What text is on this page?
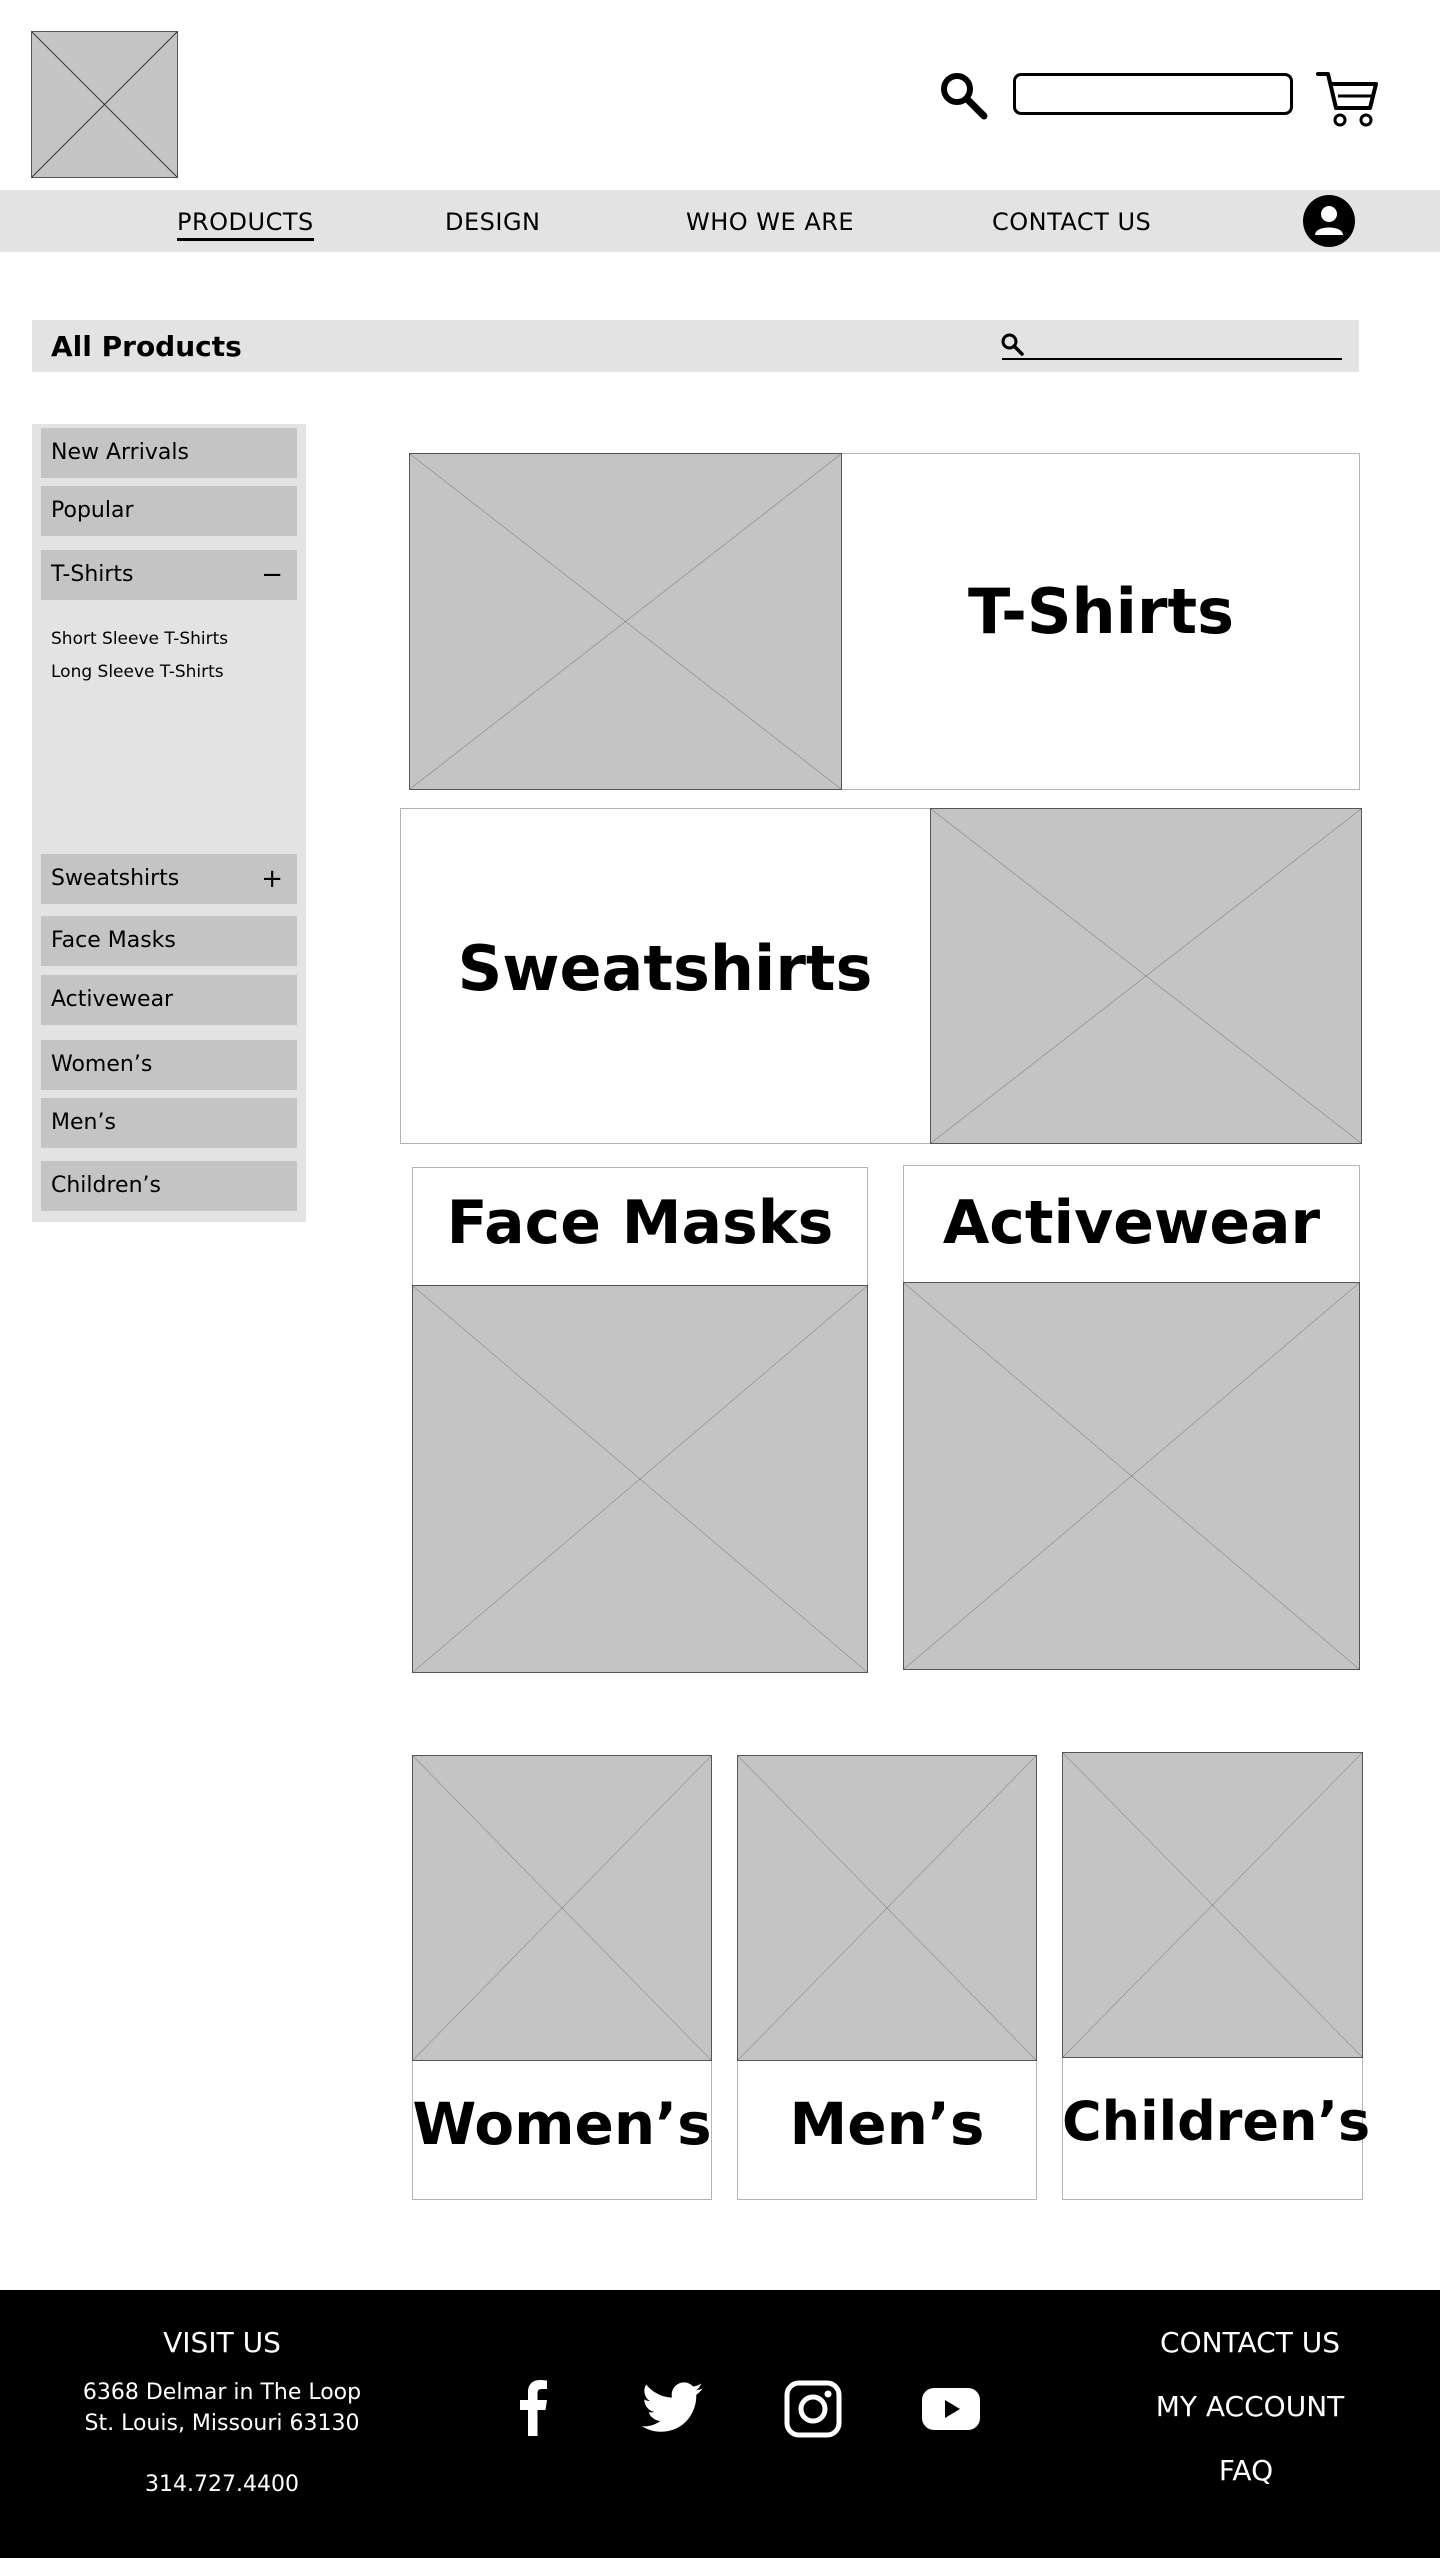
PRODUCTS	DESIGN	WHO WE ARE	CONTACT US
All Products
New Arrivals
Popular
T-Shirts	−
Short Sleeve T-Shirts
Long Sleeve T-Shirts
Sweatshirts	+
Face Masks
Activewear
Women’s
Men’s
Children’s
T-Shirts
Sweatshirts
Face Masks	Activewear
Women’s	Men’s	Children’s
VISIT US
6368 Delmar in The Loop
St. Louis, Missouri 63130
314.727.4400
CONTACT US
MY ACCOUNT
FAQ
